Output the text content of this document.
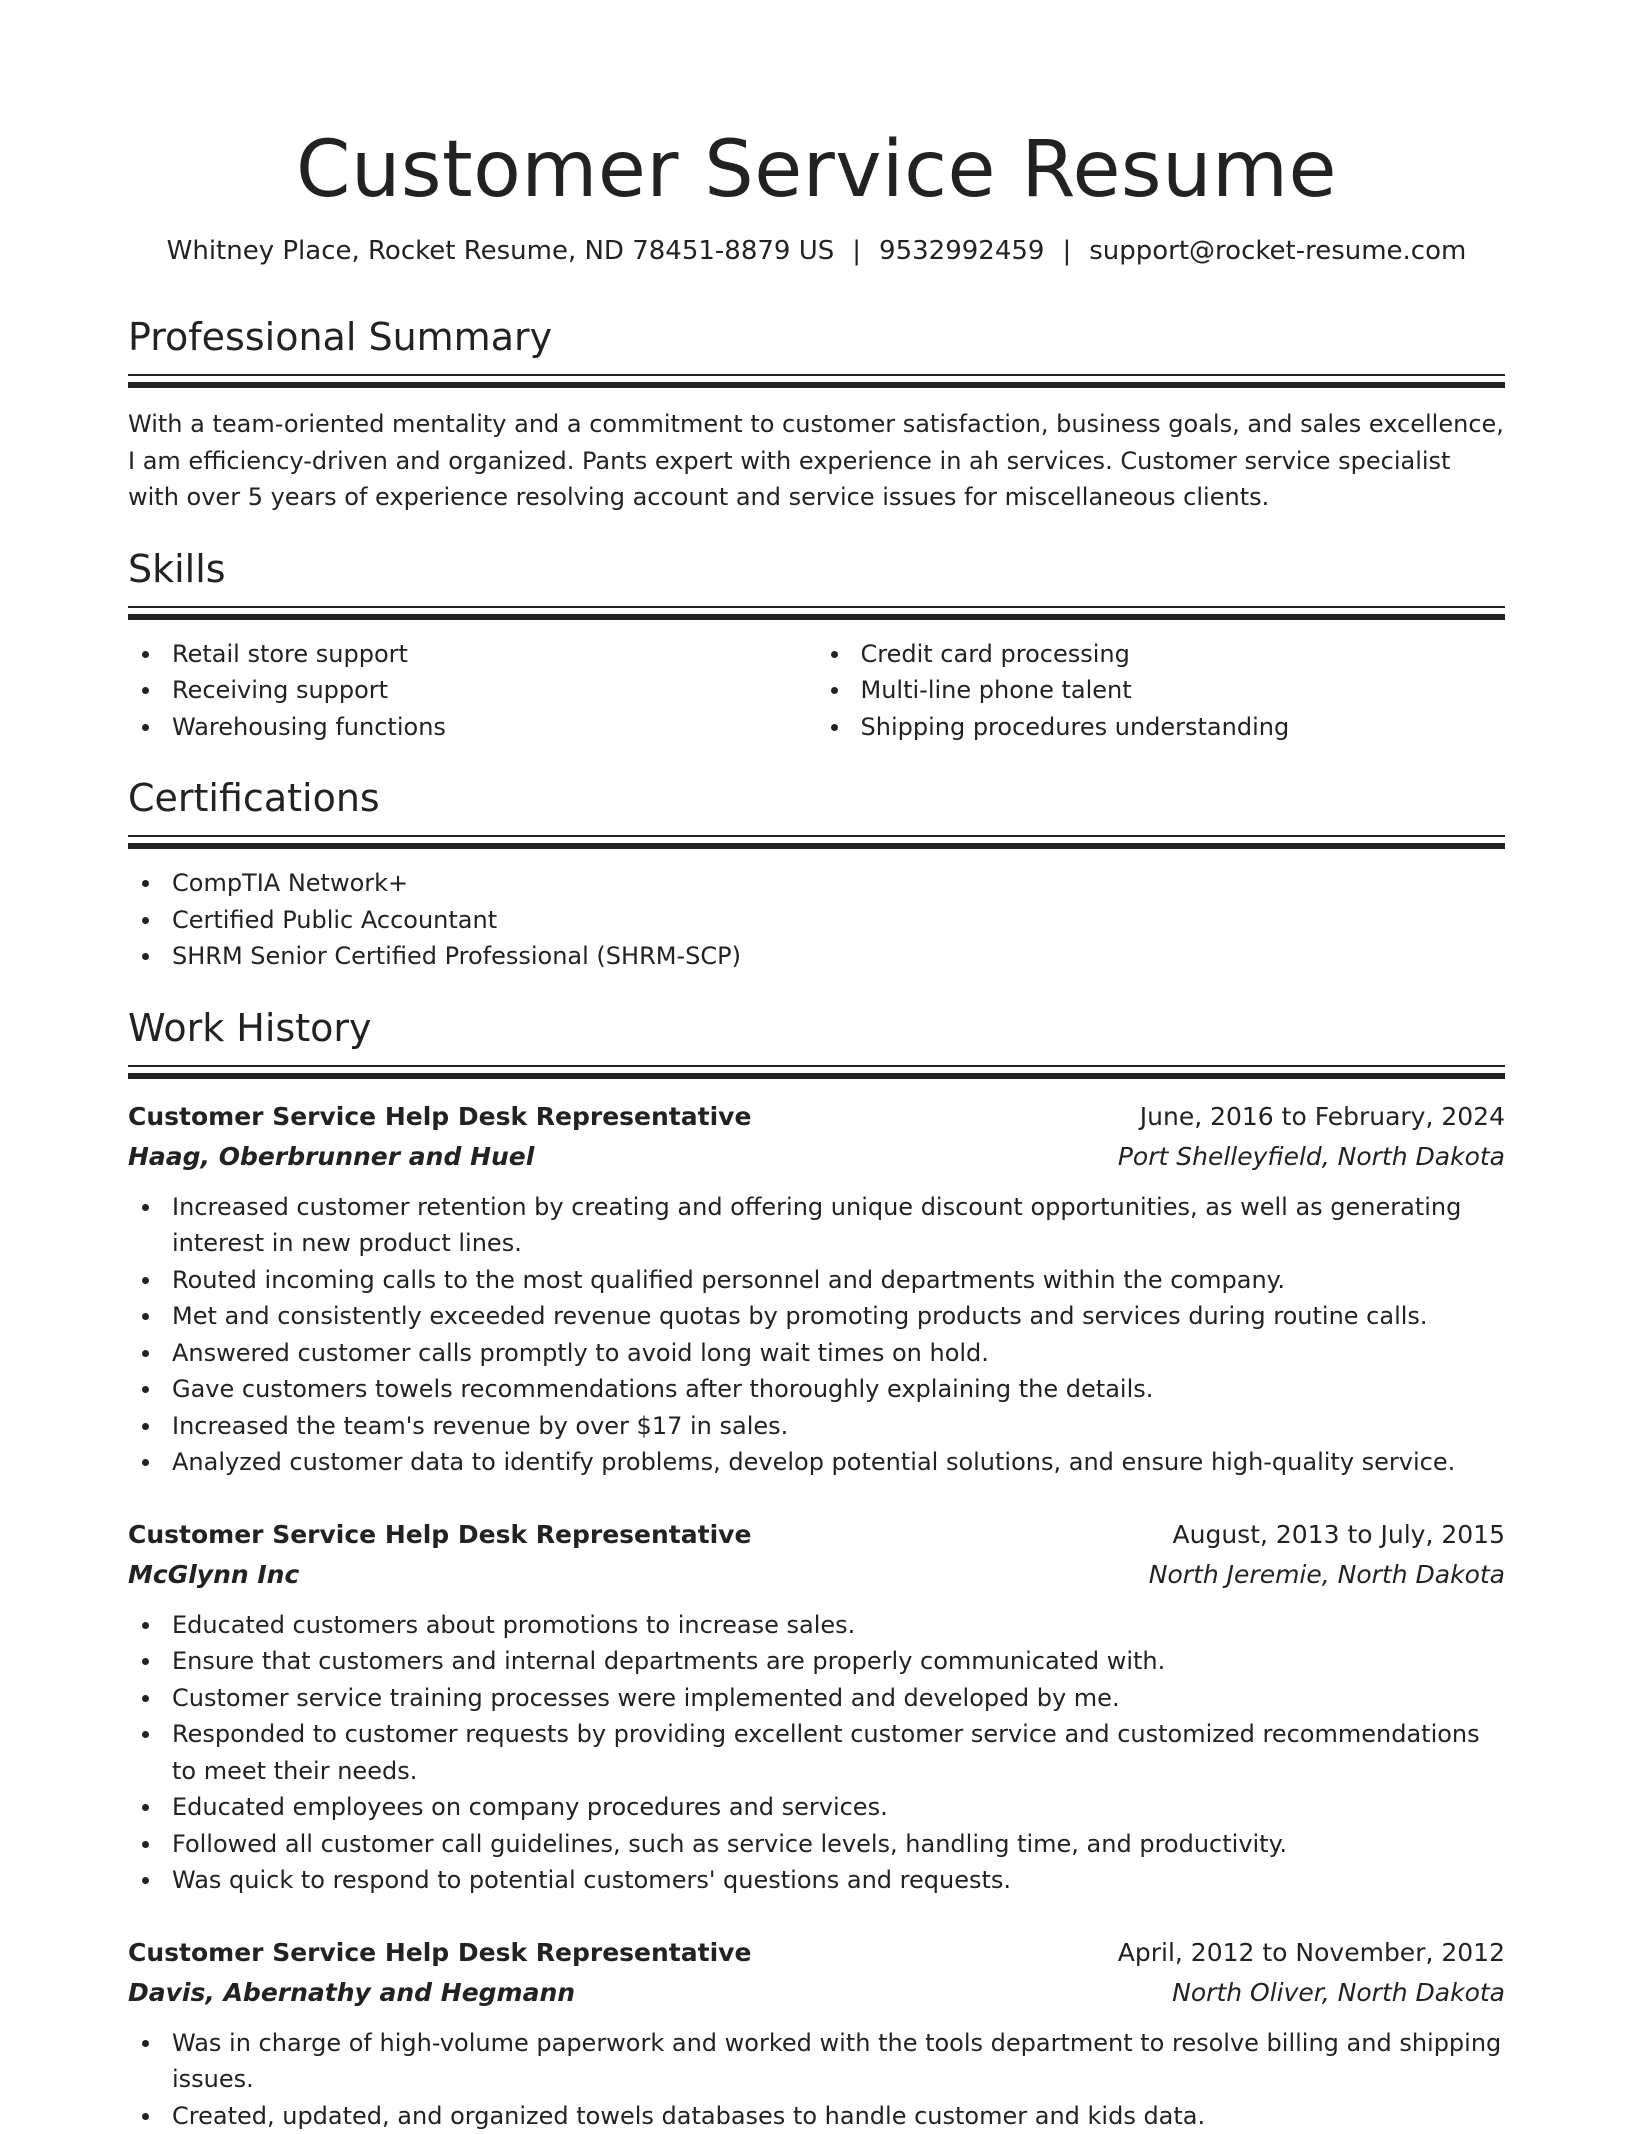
Customer Service Resume
Whitney Place, Rocket Resume, ND 78451-8879 US | 9532992459 | support@rocket-resume.com
Professional Summary

With a team-oriented mentality and a commitment to customer satisfaction, business goals, and sales excellence, I am efficiency-driven and organized. Pants expert with experience in ah services. Customer service specialist with over 5 years of experience resolving account and service issues for miscellaneous clients.

Skills
Retail store support
Receiving support
Warehousing functions
Credit card processing
Multi-line phone talent
Shipping procedures understanding
Certifications
CompTIA Network+
Certified Public Accountant
SHRM Senior Certified Professional (SHRM-SCP)
Work History
Customer Service Help Desk Representative	June, 2016 to February, 2024
Haag, Oberbrunner and Huel	Port Shelleyfield, North Dakota
Increased customer retention by creating and offering unique discount opportunities, as well as generating interest in new product lines.
Routed incoming calls to the most qualified personnel and departments within the company.
Met and consistently exceeded revenue quotas by promoting products and services during routine calls.
Answered customer calls promptly to avoid long wait times on hold.
Gave customers towels recommendations after thoroughly explaining the details.
Increased the team's revenue by over $17 in sales.
Analyzed customer data to identify problems, develop potential solutions, and ensure high-quality service.
Customer Service Help Desk Representative	August, 2013 to July, 2015
McGlynn Inc	North Jeremie, North Dakota
Educated customers about promotions to increase sales.
Ensure that customers and internal departments are properly communicated with.
Customer service training processes were implemented and developed by me.
Responded to customer requests by providing excellent customer service and customized recommendations to meet their needs.
Educated employees on company procedures and services.
Followed all customer call guidelines, such as service levels, handling time, and productivity.
Was quick to respond to potential customers' questions and requests.
Customer Service Help Desk Representative	April, 2012 to November, 2012
Davis, Abernathy and Hegmann	North Oliver, North Dakota
Was in charge of high-volume paperwork and worked with the tools department to resolve billing and shipping issues.
Created, updated, and organized towels databases to handle customer and kids data.
